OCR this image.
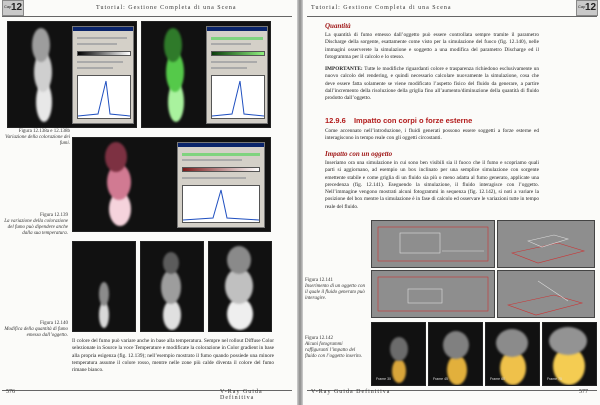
Cap 12	Tutorial: Gestione Completa di una Scena
Figura 12.138a e 12.138b
Variazione della colorazione dei fumi.
Figura 12.139
La variazione della colorazione del fumo può dipendere anche dalla sua temperatura.
Figura 12.140
Modifica della quantità di fumo emesso dall’oggetto.
Il colore del fumo può variare anche in base alla temperatura. Sempre nel rollout Diffuse Color selezionate in Source la voce Temperature e modificate la colorazione in Color gradient in base alla propria esigenza (fig. 12.139); nell’esempio mostrato il fumo quando possiede una minore temperatura assume il colore rosso, mentre nelle zone più calde diventa il colore del fumo rimane bianco.
576	V-Ray Guida Definitiva
Tutorial: Gestione Completa di una Scena	Cap 12
Quantità
La quantità di fumo emesso dall’oggetto può essere controllata sempre tramite il parametro Discharge della sorgente, esattamente come visto per la simulazione del fuoco (fig. 12.140), nelle immagini osserverete la simulazione e soggetto a una modifica del parametro Discharge ed il fotogramma per il calcolo e lo stesso.
IMPORTANTE: Tutte le modifiche riguardanti colore e trasparenza richiedono esclusivamente un nuovo calcolo del rendering, e quindi necessario calcolare nuovamente la simulazione, cosa che deve essere fatta solamente se viene modificato l’aspetto fisico del fluido da generare, a partire dall’incremento della risoluzione della griglia fino all’aumento/diminuzione della quantità di fluido prodotto dall’oggetto.
12.9.6 Impatto con corpi o forze esterne
Come accennato nell’introduzione, i fluidi generati possono essere soggetti a forze esterne ed interagiscono in tempo reale con gli oggetti circostanti.
Impatto con un oggetto
Inseriamo ora una simulazione in cui sono ben visibili sia il fuoco che il fumo e scopriamo quali parti si aggiornano, ad esempio un box inclinato per una semplice simulazione con sorgente emettente stabile e come griglia di un fluido sia più o meno adatta al fumo generato, applicate una precedenza (fig. 12.141). Eseguendo la simulazione, il fluido interagisce con l’oggetto. Nell’immagine vengono mostrati alcuni fotogrammi in sequenza (fig. 12.142), si noti a variare la posizione del box mentre la simulazione è in fase di calcolo ed osservare le variazioni tutte in tempo reale del fluido.
Figura 12.141
Inserimento di un oggetto con il quale il fluido generato può interagire.
Frame 30	Frame 45	Frame 60	Frame 75
Figura 12.142
Alcuni fotogrammi raffiguranti l’impatto del fluido con l’oggetto inserito.
V-Ray Guida Definitiva	577
